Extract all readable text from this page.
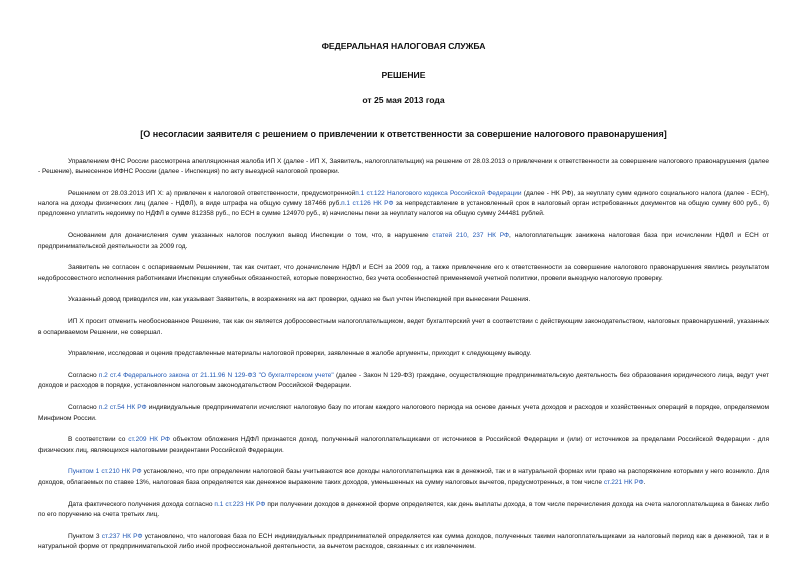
ФЕДЕРАЛЬНАЯ НАЛОГОВАЯ СЛУЖБА
РЕШЕНИЕ
от 25 мая 2013 года
[О несогласии заявителя с решением о привлечении к ответственности за совершение налогового правонарушения]

Управлением ФНС России рассмотрена апелляционная жалоба ИП Х (далее - ИП Х, Заявитель, налогоплательщик) на решение от 28.03.2013 о привлечении к ответственности за совершение налогового правонарушения (далее - Решение), вынесенное ИФНС России (далее - Инспекция) по акту выездной налоговой проверки.

Решением от 28.03.2013 ИП Х: а) привлечен к налоговой ответственности, предусмотреннойп.1 ст.122 Налогового кодекса Российской Федерации (далее - НК РФ), за неуплату сумм единого социального налога (далее - ЕСН), налога на доходы физических лиц (далее - НДФЛ), в виде штрафа на общую сумму 187466 руб.п.1 ст.126 НК РФ за непредставление в установленный срок в налоговый орган истребованных документов на общую сумму 600 руб., б) предложено уплатить недоимку по НДФЛ в сумме 812358 руб., по ЕСН в сумме 124970 руб., в) начислены пени за неуплату налогов на общую сумму 244481 рублей.

Основанием для доначисления сумм указанных налогов послужил вывод Инспекции о том, что, в нарушение статей 210, 237 НК РФ, налогоплательщик занижена налоговая база при исчислении НДФЛ и ЕСН от предпринимательской деятельности за 2009 год.

Заявитель не согласен с оспариваемым Решением, так как считает, что доначисление НДФЛ и ЕСН за 2009 год, а также привлечение его к ответственности за совершение налогового правонарушения явились результатом недобросовестного исполнения работниками Инспекции служебных обязанностей, которые поверхностно, без учета особенностей применяемой учетной политики, провели выездную налоговую проверку.

Указанный довод приводился им, как указывает Заявитель, в возражениях на акт проверки, однако не был учтен Инспекцией при вынесении Решения.

ИП Х просит отменить необоснованное Решение, так как он является добросовестным налогоплательщиком, ведет бухгалтерский учет в соответствии с действующим законодательством, налоговых правонарушений, указанных в оспариваемом Решении, не совершал.

Управление, исследовав и оценив представленные материалы налоговой проверки, заявленные в жалобе аргументы, приходит к следующему выводу.

Согласно п.2 ст.4 Федерального закона от 21.11.96 N 129-ФЗ "О бухгалтерском учете" (далее - Закон N 129-ФЗ) граждане, осуществляющие предпринимательскую деятельность без образования юридического лица, ведут учет доходов и расходов в порядке, установленном налоговым законодательством Российской Федерации.

Согласно п.2 ст.54 НК РФ индивидуальные предприниматели исчисляют налоговую базу по итогам каждого налогового периода на основе данных учета доходов и расходов и хозяйственных операций в порядке, определяемом Минфином России.

В соответствии со ст.209 НК РФ объектом обложения НДФЛ признается доход, полученный налогоплательщиками от источников в Российской Федерации и (или) от источников за пределами Российской Федерации - для физических лиц, являющихся налоговыми резидентами Российской Федерации.

Пунктом 1 ст.210 НК РФ установлено, что при определении налоговой базы учитываются все доходы налогоплательщика как в денежной, так и в натуральной формах или право на распоряжение которыми у него возникло. Для доходов, облагаемых по ставке 13%, налоговая база определяется как денежное выражение таких доходов, уменьшенных на сумму налоговых вычетов, предусмотренных, в том числе ст.221 НК РФ.

Дата фактического получения дохода согласно п.1 ст.223 НК РФ при получении доходов в денежной форме определяется, как день выплаты дохода, в том числе перечисления дохода на счета налогоплательщика в банках либо по его поручению на счета третьих лиц.

Пунктом 3 ст.237 НК РФ установлено, что налоговая база по ЕСН индивидуальных предпринимателей определяется как сумма доходов, полученных такими налогоплательщиками за налоговый период как в денежной, так и в натуральной форме от предпринимательской либо иной профессиональной деятельности, за вычетом расходов, связанных с их извлечением.
